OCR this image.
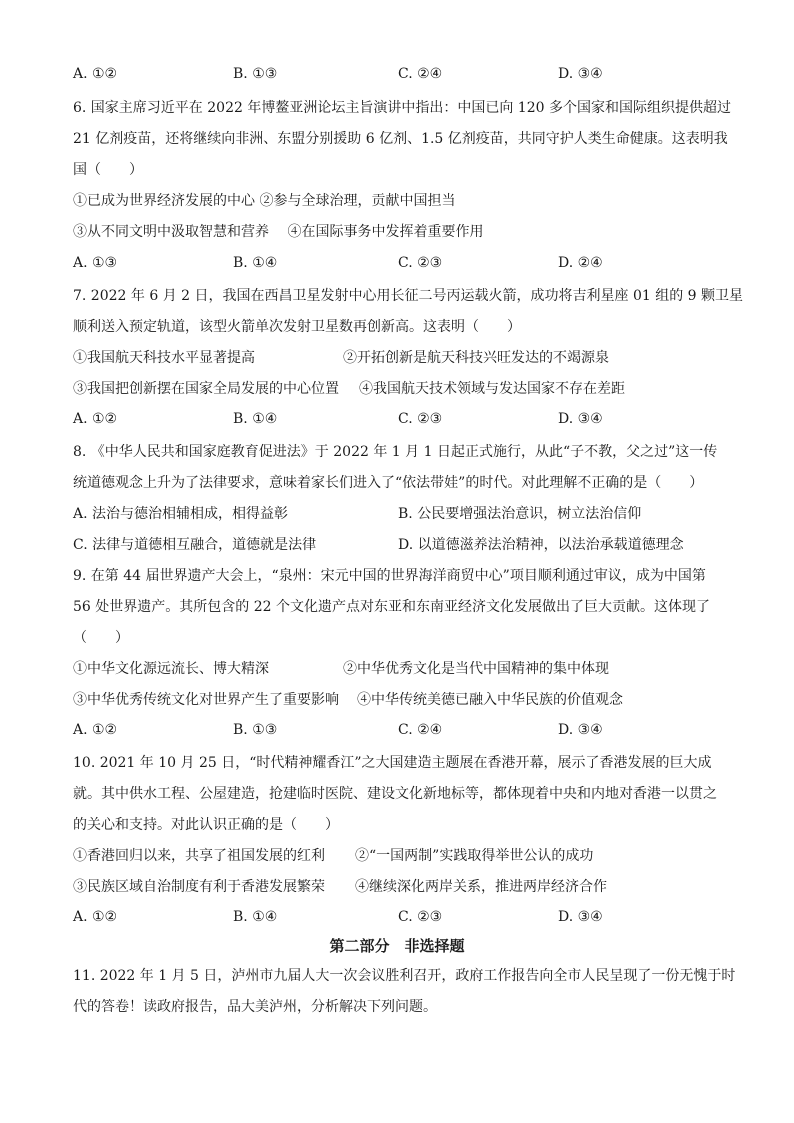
A. ①②	B. ①③	C. ②④	D. ③④
6. 国家主席习近平在 2022 年博鳌亚洲论坛主旨演讲中指出：中国已向 120 多个国家和国际组织提供超过
21 亿剂疫苗，还将继续向非洲、东盟分别援助 6 亿剂、1.5 亿剂疫苗，共同守护人类生命健康。这表明我
国（　　）
①已成为世界经济发展的中心 ②参与全球治理，贡献中国担当
③从不同文明中汲取智慧和营养　 ④在国际事务中发挥着重要作用
A. ①③	B. ①④	C. ②③	D. ②④
7. 2022 年 6 月 2 日，我国在西昌卫星发射中心用长征二号丙运载火箭，成功将吉利星座 01 组的 9 颗卫星
顺利送入预定轨道，该型火箭单次发射卫星数再创新高。这表明（　　）
①我国航天科技水平显著提高	②开拓创新是航天科技兴旺发达的不竭源泉
③我国把创新摆在国家全局发展的中心位置 ④我国航天技术领域与发达国家不存在差距
A. ①②	B. ①④	C. ②③	D. ③④
8. 《中华人民共和国家庭教育促进法》于 2022 年 1 月 1 日起正式施行，从此“子不教，父之过”这一传
统道德观念上升为了法律要求，意味着家长们进入了“依法带娃”的时代。对此理解不正确的是（　　）
A. 法治与德治相辅相成，相得益彰	B. 公民要增强法治意识，树立法治信仰
C. 法律与道德相互融合，道德就是法律	D. 以道德滋养法治精神，以法治承载道德理念
9. 在第 44 届世界遗产大会上，“泉州：宋元中国的世界海洋商贸中心”项目顺利通过审议，成为中国第
56 处世界遗产。其所包含的 22 个文化遗产点对东亚和东南亚经济文化发展做出了巨大贡献。这体现了
（　　）
①中华文化源远流长、博大精深	②中华优秀文化是当代中国精神的集中体现
③中华优秀传统文化对世界产生了重要影响 ④中华传统美德已融入中华民族的价值观念
A. ①②	B. ①③	C. ②④	D. ③④
10. 2021 年 10 月 25 日，“时代精神耀香江”之大国建造主题展在香港开幕，展示了香港发展的巨大成
就。其中供水工程、公屋建造，抢建临时医院、建设文化新地标等，都体现着中央和内地对香港一以贯之
的关心和支持。对此认识正确的是（　　）
①香港回归以来，共享了祖国发展的红利 ②“一国两制”实践取得举世公认的成功
③民族区域自治制度有利于香港发展繁荣 ④继续深化两岸关系，推进两岸经济合作
A. ①②	B. ①④	C. ②③	D. ③④
第二部分　非选择题
11. 2022 年 1 月 5 日，泸州市九届人大一次会议胜利召开，政府工作报告向全市人民呈现了一份无愧于时
代的答卷！读政府报告，品大美泸州，分析解决下列问题。
